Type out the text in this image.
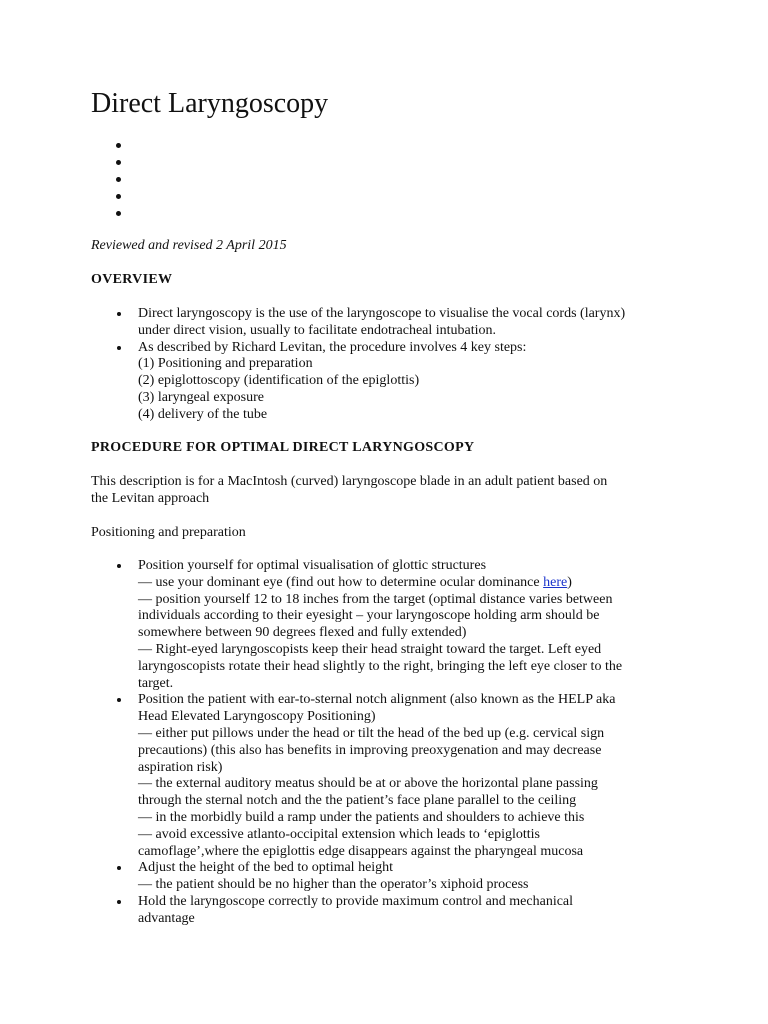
Direct Laryngoscopy

Reviewed and revised 2 April 2015

OVERVIEW
Direct laryngoscopy is the use of the laryngoscope to visualise the vocal cords (larynx)
under direct vision, usually to facilitate endotracheal intubation.
As described by Richard Levitan, the procedure involves 4 key steps:
(1) Positioning and preparation
(2) epiglottoscopy (identification of the epiglottis)
(3) laryngeal exposure
(4) delivery of the tube
PROCEDURE FOR OPTIMAL DIRECT LARYNGOSCOPY

This description is for a MacIntosh (curved) laryngoscope blade in an adult patient based on
the Levitan approach

Positioning and preparation

Position yourself for optimal visualisation of glottic structures
— use your dominant eye (find out how to determine ocular dominance here)
— position yourself 12 to 18 inches from the target (optimal distance varies between
individuals according to their eyesight – your laryngoscope holding arm should be
somewhere between 90 degrees flexed and fully extended)
— Right-eyed laryngoscopists keep their head straight toward the target. Left eyed
laryngoscopists rotate their head slightly to the right, bringing the left eye closer to the
target.
Position the patient with ear-to-sternal notch alignment (also known as the HELP aka
Head Elevated Laryngoscopy Positioning)
— either put pillows under the head or tilt the head of the bed up (e.g. cervical sign
precautions) (this also has benefits in improving preoxygenation and may decrease
aspiration risk)
— the external auditory meatus should be at or above the horizontal plane passing
through the sternal notch and the the patient’s face plane parallel to the ceiling
— in the morbidly build a ramp under the patients and shoulders to achieve this
— avoid excessive atlanto-occipital extension which leads to ‘epiglottis
camoflage’,where the epiglottis edge disappears against the pharyngeal mucosa
Adjust the height of the bed to optimal height
— the patient should be no higher than the operator’s xiphoid process
Hold the laryngoscope correctly to provide maximum control and mechanical
advantage
